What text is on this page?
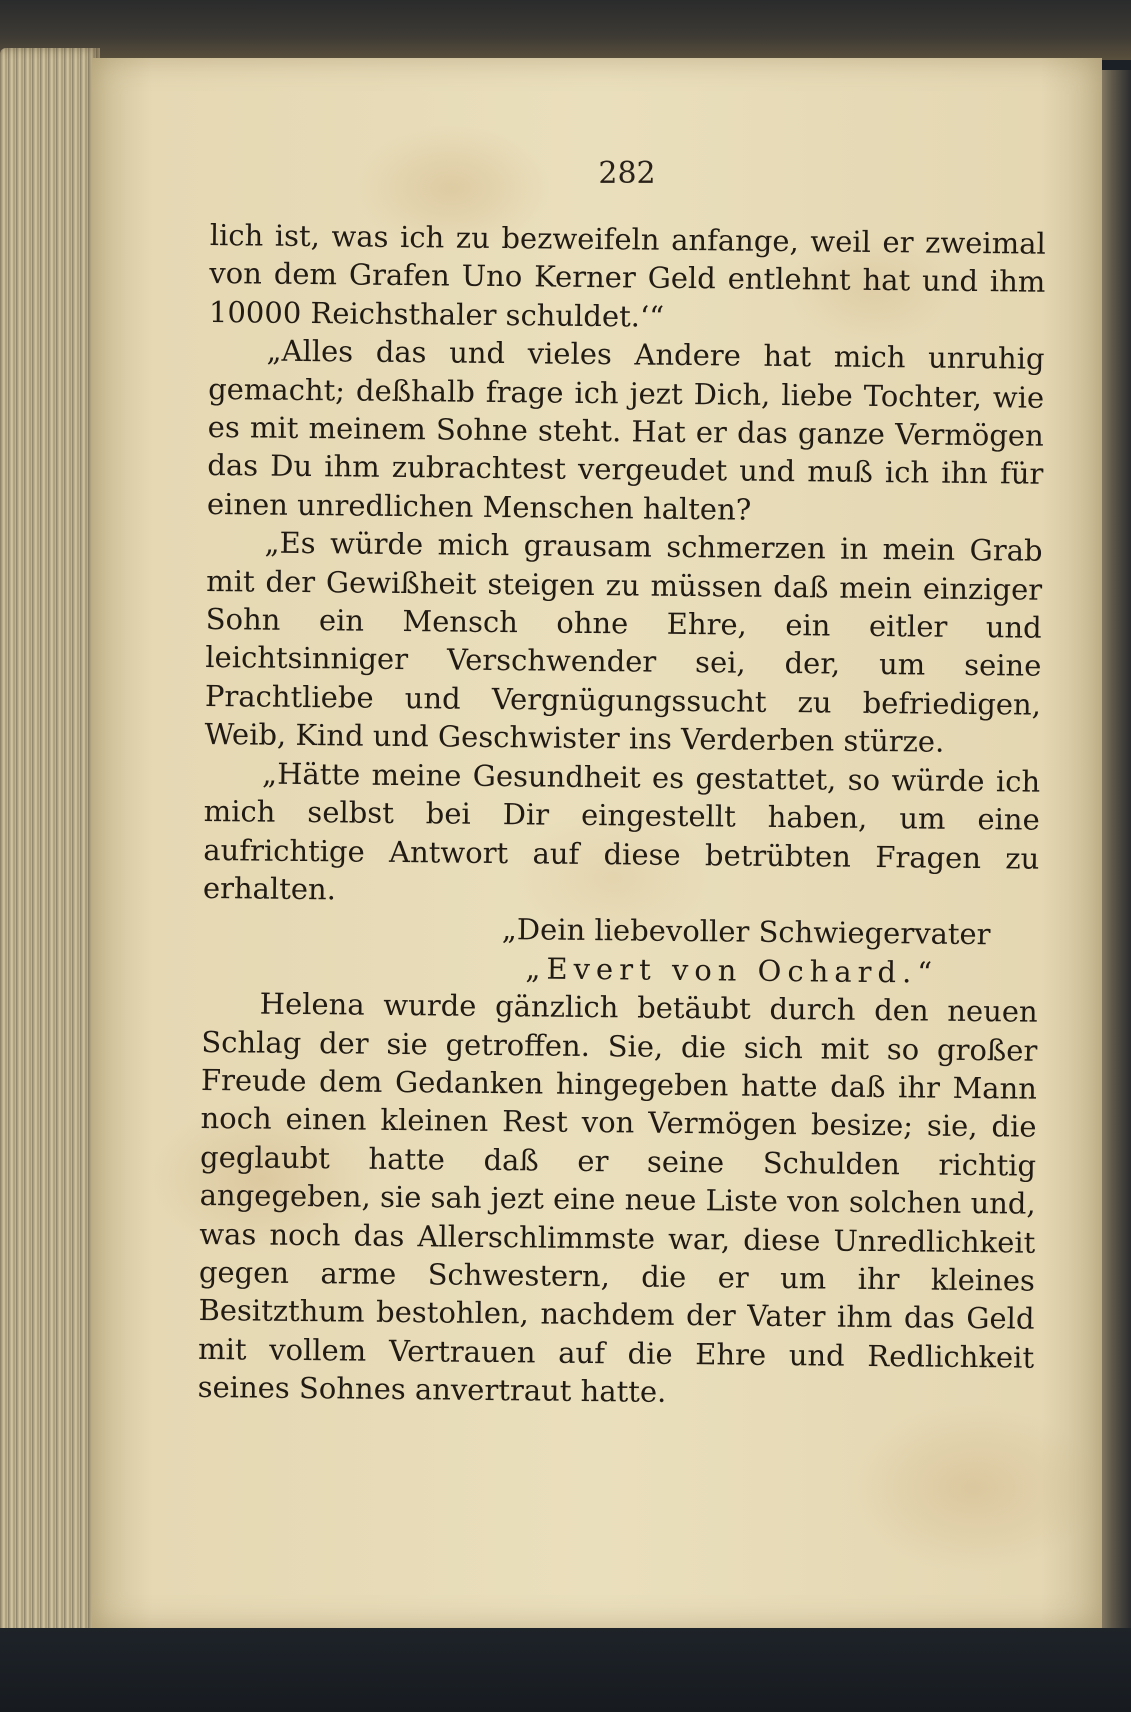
282

lich ist, was ich zu bezweifeln anfange, weil er zweimal von dem Grafen Uno Kerner Geld entlehnt hat und ihm 10000 Reichsthaler schuldet.‘“

„Alles das und vieles Andere hat mich unruhig gemacht; deßhalb frage ich jezt Dich, liebe Tochter, wie es mit meinem Sohne steht. Hat er das ganze Vermögen das Du ihm zubrachtest vergeudet und muß ich ihn für einen unredlichen Menschen halten?

„Es würde mich grausam schmerzen in mein Grab mit der Gewißheit steigen zu müssen daß mein einziger Sohn ein Mensch ohne Ehre, ein eitler und leichtsinniger Verschwender sei, der, um seine Prachtliebe und Vergnügungssucht zu befriedigen, Weib, Kind und Geschwister ins Verderben stürze.

„Hätte meine Gesundheit es gestattet, so würde ich mich selbst bei Dir eingestellt haben, um eine aufrichtige Antwort auf diese betrübten Fragen zu erhalten.

„Dein liebevoller Schwiegervater

„Evert von Ochard.“

Helena wurde gänzlich betäubt durch den neuen Schlag der sie getroffen. Sie, die sich mit so großer Freude dem Gedanken hingegeben hatte daß ihr Mann noch einen kleinen Rest von Vermögen besize; sie, die geglaubt hatte daß er seine Schulden richtig angegeben, sie sah jezt eine neue Liste von solchen und, was noch das Allerschlimmste war, diese Unredlichkeit gegen arme Schwestern, die er um ihr kleines Besitzthum bestohlen, nachdem der Vater ihm das Geld mit vollem Vertrauen auf die Ehre und Redlichkeit seines Sohnes anvertraut hatte.
